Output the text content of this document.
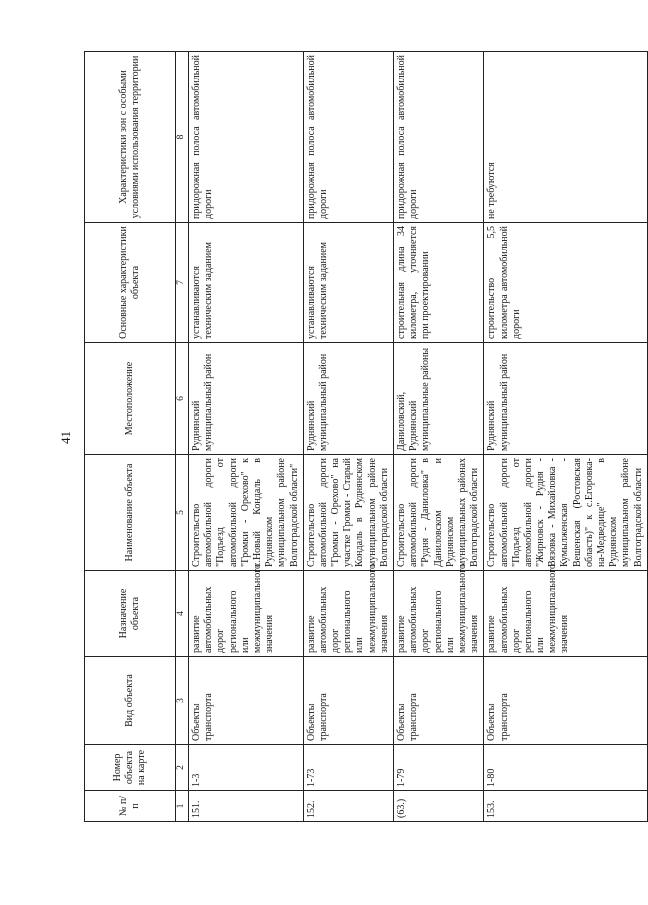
41
№ п/п	Номер объекта на карте	Вид объекта	Назначение объекта	Наименование объекта	Местоположение	Основные характеристики объекта	Характеристики зон с особыми условиями использования территории
1	2	3	4	5	6	7	8
151.	1-3	Объекты транспорта	развитие автомобильных дорог регионального или межмуниципального значения	Строительство автомобильной дороги "Подъезд от автомобильной дороги "Громки - Орехово" к с.Новый Кондаль в Руднянском муниципальном районе Волгоградской области"	Руднянский муниципальный район	устанавливаются техническим заданием	придорожная полоса автомобильной дороги
152.	1-73	Объекты транспорта	развитие автомобильных дорог регионального или межмуниципального значения	Строительство автомобильной дороги "Громки - Орехово" на участке Громки - Старый Кондаль в Руднянском муниципальном районе Волгоградской области	Руднянский муниципальный район	устанавливаются техническим заданием	придорожная полоса автомобильной дороги
(63.)	1-79	Объекты транспорта	развитие автомобильных дорог регионального или межмуниципального значения	Строительство автомобильной дороги "Рудня - Даниловка" в Даниловском и Руднянском муниципальных районах Волгоградской области	Даниловский, Руднянский муниципальные районы	строительная длина 34 километра, уточняется при проектировании	придорожная полоса автомобильной дороги
153.	1-80	Объекты транспорта	развитие автомобильных дорог регионального или межмуниципального значения	Строительство автомобильной дороги "Подъезд от автомобильной дороги "Жирновск - Рудня - Вязовка - Михайловка - Кумылженская - Вешенская (Ростовская область)" к с.Егоровка-на-Медведице" в Руднянском муниципальном районе Волгоградской области	Руднянский муниципальный район	строительство 5,5 километра автомобильной дороги	не требуются
